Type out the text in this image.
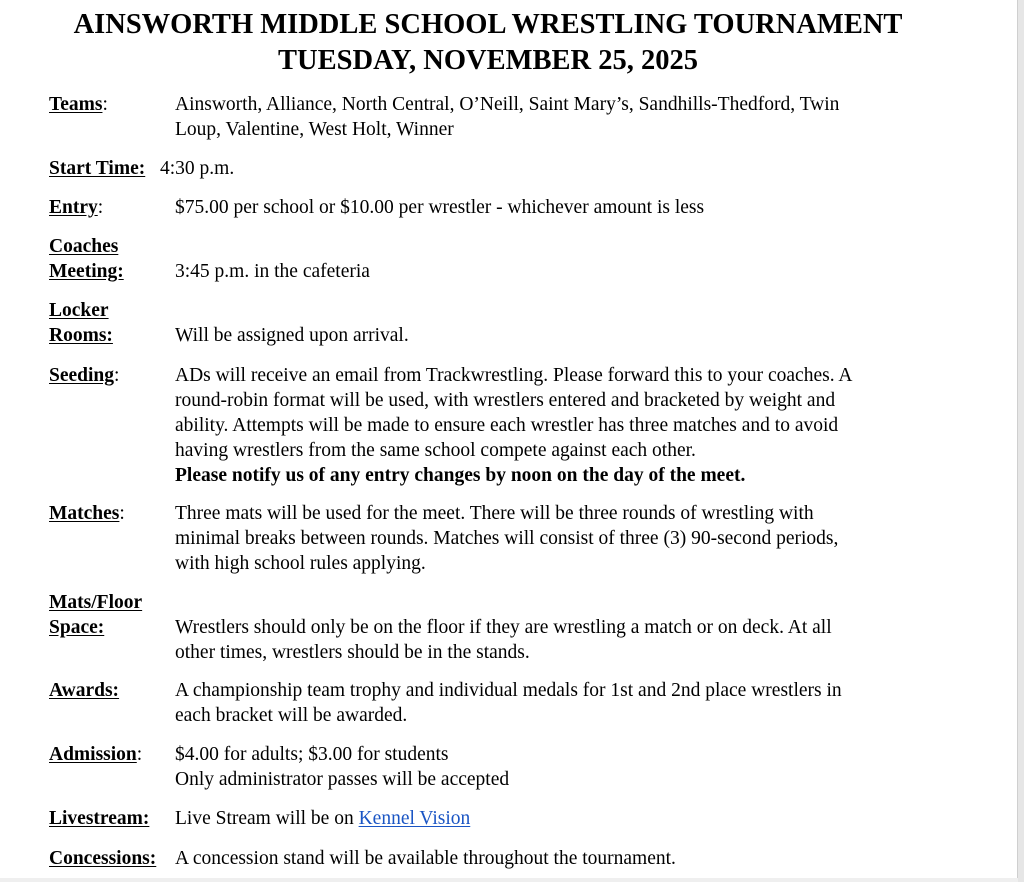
AINSWORTH MIDDLE SCHOOL WRESTLING TOURNAMENT
TUESDAY, NOVEMBER 25, 2025
Teams:	Ainsworth, Alliance, North Central, O’Neill, Saint Mary’s, Sandhills-Thedford, Twin
Loup, Valentine, West Holt, Winner
Start Time: 4:30 p.m.
Entry:	$75.00 per school or $10.00 per wrestler - whichever amount is less
Coaches
Meeting:	3:45 p.m. in the cafeteria
Locker
Rooms:	Will be assigned upon arrival.
Seeding:	ADs will receive an email from Trackwrestling. Please forward this to your coaches. A
round-robin format will be used, with wrestlers entered and bracketed by weight and
ability. Attempts will be made to ensure each wrestler has three matches and to avoid
having wrestlers from the same school compete against each other.
Please notify us of any entry changes by noon on the day of the meet.
Matches:	Three mats will be used for the meet. There will be three rounds of wrestling with
minimal breaks between rounds. Matches will consist of three (3) 90-second periods,
with high school rules applying.
Mats/Floor
Space:	Wrestlers should only be on the floor if they are wrestling a match or on deck. At all
other times, wrestlers should be in the stands.
Awards:	A championship team trophy and individual medals for 1st and 2nd place wrestlers in
each bracket will be awarded.
Admission:	$4.00 for adults; $3.00 for students
Only administrator passes will be accepted
Livestream:	Live Stream will be on Kennel Vision
Concessions: A concession stand will be available throughout the tournament.
